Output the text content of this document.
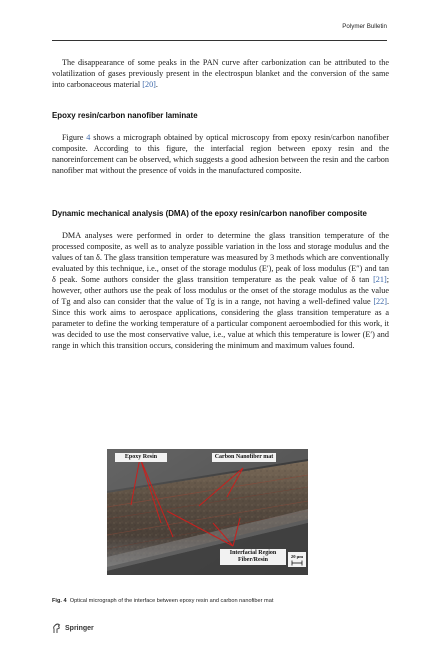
Polymer Bulletin

The disappearance of some peaks in the PAN curve after carbonization can be attributed to the volatilization of gases previously present in the electrospun blanket and the conversion of the same into carbonaceous material [20].

Epoxy resin/carbon nanofiber laminate

Figure 4 shows a micrograph obtained by optical microscopy from epoxy resin/carbon nanofiber composite. According to this figure, the interfacial region between epoxy resin and the nanoreinforcement can be observed, which suggests a good adhesion between the resin and the carbon nanofiber mat without the presence of voids in the manufactured composite.

Dynamic mechanical analysis (DMA) of the epoxy resin/carbon nanofiber composite

DMA analyses were performed in order to determine the glass transition temperature of the processed composite, as well as to analyze possible variation in the loss and storage modulus and the values of tan δ. The glass transition temperature was measured by 3 methods which are conventionally evaluated by this technique, i.e., onset of the storage modulus (E′), peak of loss modulus (E″) and tan δ peak. Some authors consider the glass transition temperature as the peak value of δ tan [21]; however, other authors use the peak of loss modulus or the onset of the storage modulus as the value of Tg and also can consider that the value of Tg is in a range, not having a well-defined value [22]. Since this work aims to aerospace applications, considering the glass transition temperature as a parameter to define the working temperature of a particular component aeroembodied for this work, it was decided to use the most conservative value, i.e., value at which this temperature is lower (E′) and range in which this transition occurs, considering the minimum and maximum values found.

Epoxy Resin	Carbon Nanofiber mat
Interfacial Region Fiber/Resin
20 µm

Fig. 4 Optical micrograph of the interface between epoxy resin and carbon nanofiber mat

Springer
